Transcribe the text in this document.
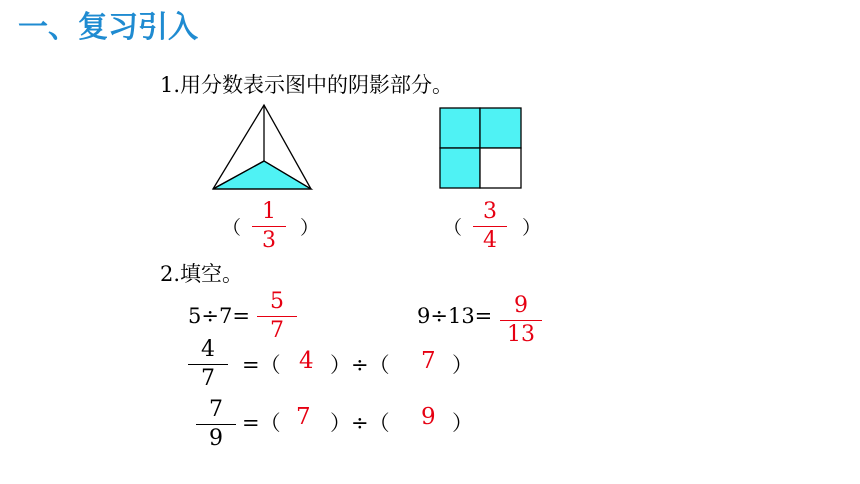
一、复习引入
1.用分数表示图中的阴影部分。
（
1
3	）	（
3
4	）
2.填空。
5÷7=
5
7
9÷13= 9
13
4
7
=（ 4 ）÷（ 7 ）
7
9
=（ 7 ）÷（ 9 ）
